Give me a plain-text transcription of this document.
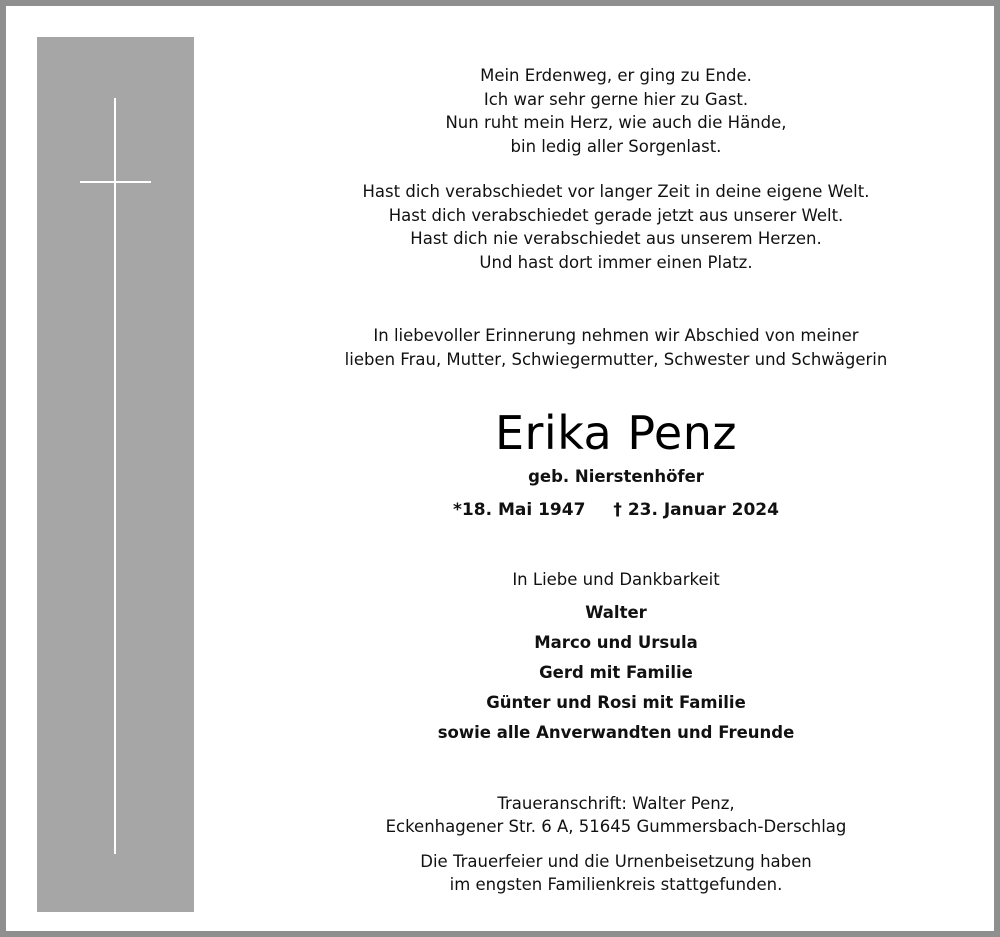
Mein Erdenweg, er ging zu Ende.

Ich war sehr gerne hier zu Gast.

Nun ruht mein Herz, wie auch die Hände,

bin ledig aller Sorgenlast.

Hast dich verabschiedet vor langer Zeit in deine eigene Welt.

Hast dich verabschiedet gerade jetzt aus unserer Welt.

Hast dich nie verabschiedet aus unserem Herzen.

Und hast dort immer einen Platz.

In liebevoller Erinnerung nehmen wir Abschied von meiner

lieben Frau, Mutter, Schwiegermutter, Schwester und Schwägerin

Erika Penz
geb. Nierstenhöfer
*18. Mai 1947 † 23. Januar 2024

In Liebe und Dankbarkeit

Walter

Marco und Ursula

Gerd mit Familie

Günter und Rosi mit Familie

sowie alle Anverwandten und Freunde

Traueranschrift: Walter Penz,

Eckenhagener Str. 6 A, 51645 Gummersbach-Derschlag

Die Trauerfeier und die Urnenbeisetzung haben

im engsten Familienkreis stattgefunden.
